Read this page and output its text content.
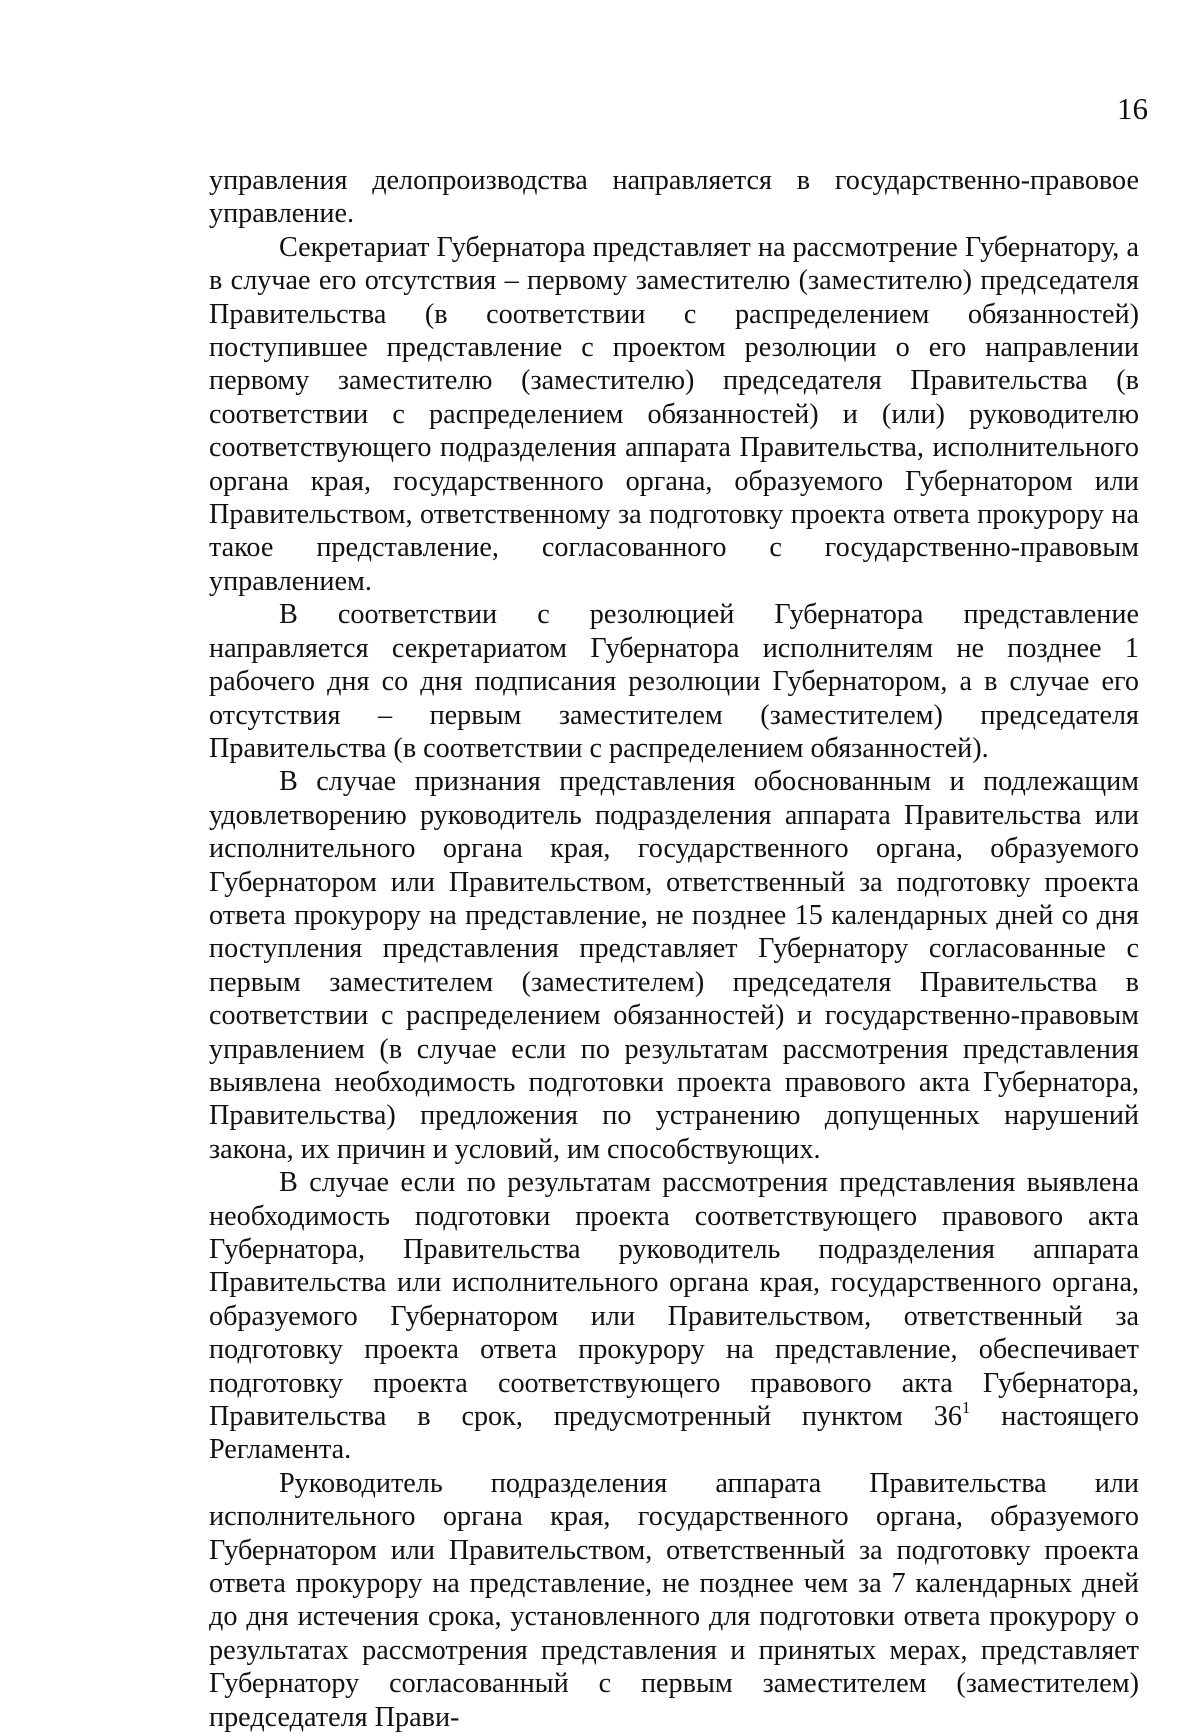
16

управления делопроизводства направляется в государственно-правовое управление.

Секретариат Губернатора представляет на рассмотрение Губернатору, а в случае его отсутствия – первому заместителю (заместителю) председателя Правительства (в соответствии с распределением обязанностей) поступившее представление с проектом резолюции о его направлении первому заместителю (заместителю) председателя Правительства (в соответствии с распределением обязанностей) и (или) руководителю соответствующего подразделения аппарата Правительства, исполнительного органа края, государственного органа, образуемого Губернатором или Правительством, ответственному за подготовку проекта ответа прокурору на такое представление, согласованного с государственно-правовым управлением.

В соответствии с резолюцией Губернатора представление направляется секретариатом Губернатора исполнителям не позднее 1 рабочего дня со дня подписания резолюции Губернатором, а в случае его отсутствия – первым заместителем (заместителем) председателя Правительства (в соответствии с распределением обязанностей).

В случае признания представления обоснованным и подлежащим удовлетворению руководитель подразделения аппарата Правительства или исполнительного органа края, государственного органа, образуемого Губернатором или Правительством, ответственный за подготовку проекта ответа прокурору на представление, не позднее 15 календарных дней со дня поступления представления представляет Губернатору согласованные с первым заместителем (заместителем) председателя Правительства в соответствии с распределением обязанностей) и государственно-правовым управлением (в случае если по результатам рассмотрения представления выявлена необходимость подготовки проекта правового акта Губернатора, Правительства) предложения по устранению допущенных нарушений закона, их причин и условий, им способствующих.

В случае если по результатам рассмотрения представления выявлена необходимость подготовки проекта соответствующего правового акта Губернатора, Правительства руководитель подразделения аппарата Правительства или исполнительного органа края, государственного органа, образуемого Губернатором или Правительством, ответственный за подготовку проекта ответа прокурору на представление, обеспечивает подготовку проекта соответствующего правового акта Губернатора, Правительства в срок, предусмотренный пунктом $36^1$ настоящего Регламента.

Руководитель подразделения аппарата Правительства или исполнительного органа края, государственного органа, образуемого Губернатором или Правительством, ответственный за подготовку проекта ответа прокурору на представление, не позднее чем за 7 календарных дней до дня истечения срока, установленного для подготовки ответа прокурору о результатах рассмотрения представления и принятых мерах, представляет Губернатору согласованный с первым заместителем (заместителем) председателя Прави-
